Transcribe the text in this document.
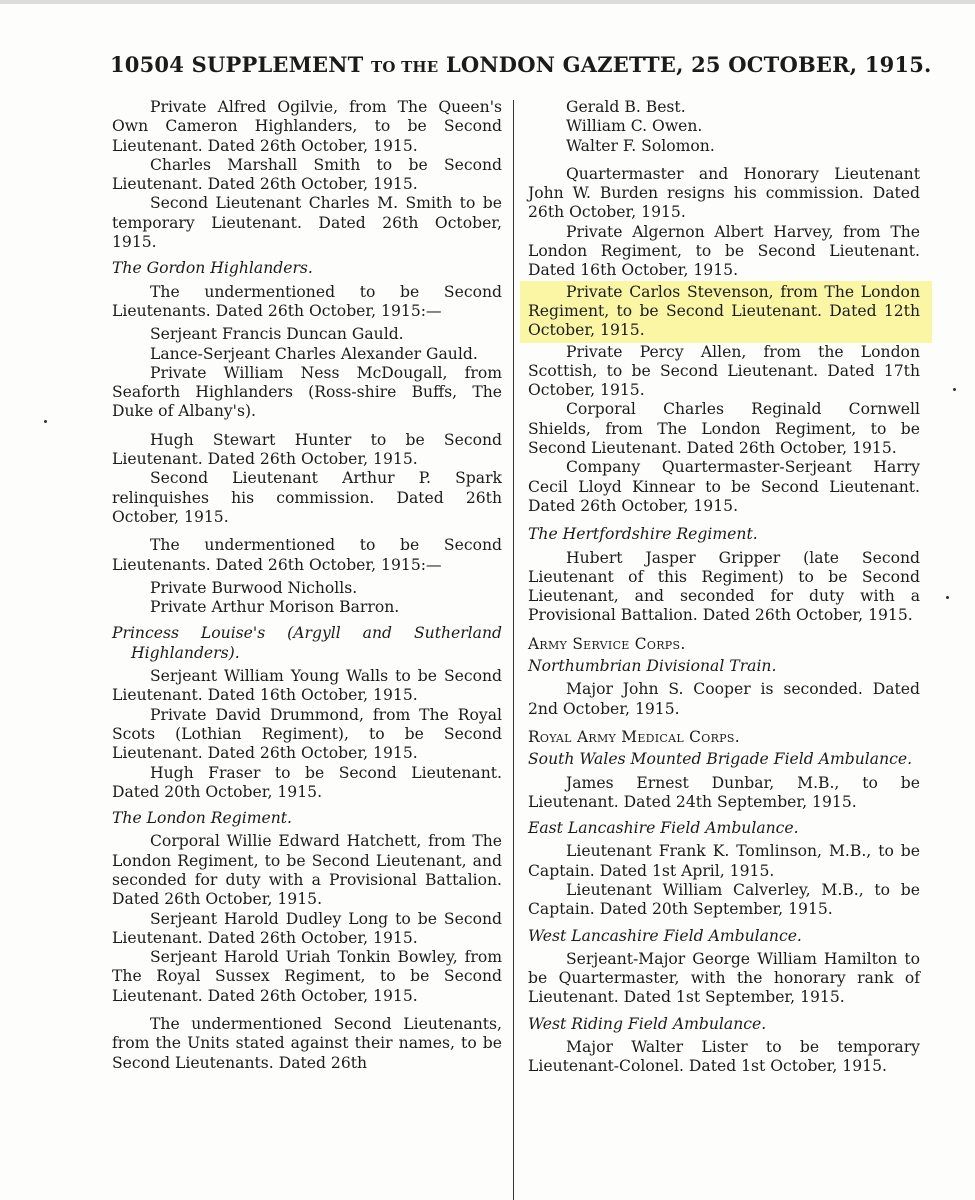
10504 SUPPLEMENT TO THE LONDON GAZETTE, 25 OCTOBER, 1915.

Private Alfred Ogilvie, from The Queen's Own Cameron Highlanders, to be Second Lieutenant. Dated 26th October, 1915.

Charles Marshall Smith to be Second Lieutenant. Dated 26th October, 1915.

Second Lieutenant Charles M. Smith to be temporary Lieutenant. Dated 26th October, 1915.

The Gordon Highlanders.

The undermentioned to be Second Lieutenants. Dated 26th October, 1915:—

Serjeant Francis Duncan Gauld.

Lance-Serjeant Charles Alexander Gauld.

Private William Ness McDougall, from Seaforth Highlanders (Ross-shire Buffs, The Duke of Albany's).

Hugh Stewart Hunter to be Second Lieutenant. Dated 26th October, 1915.

Second Lieutenant Arthur P. Spark relinquishes his commission. Dated 26th October, 1915.

The undermentioned to be Second Lieutenants. Dated 26th October, 1915:—

Private Burwood Nicholls.

Private Arthur Morison Barron.

Princess Louise's (Argyll and Sutherland Highlanders).

Serjeant William Young Walls to be Second Lieutenant. Dated 16th October, 1915.

Private David Drummond, from The Royal Scots (Lothian Regiment), to be Second Lieutenant. Dated 26th October, 1915.

Hugh Fraser to be Second Lieutenant. Dated 20th October, 1915.

The London Regiment.

Corporal Willie Edward Hatchett, from The London Regiment, to be Second Lieutenant, and seconded for duty with a Provisional Battalion. Dated 26th October, 1915.

Serjeant Harold Dudley Long to be Second Lieutenant. Dated 26th October, 1915.

Serjeant Harold Uriah Tonkin Bowley, from The Royal Sussex Regiment, to be Second Lieutenant. Dated 26th October, 1915.

The undermentioned Second Lieutenants, from the Units stated against their names, to be Second Lieutenants. Dated 26th

Gerald B. Best.

William C. Owen.

Walter F. Solomon.

Quartermaster and Honorary Lieutenant John W. Burden resigns his commission. Dated 26th October, 1915.

Private Algernon Albert Harvey, from The London Regiment, to be Second Lieutenant. Dated 16th October, 1915.

Private Carlos Stevenson, from The London Regiment, to be Second Lieutenant. Dated 12th October, 1915.

Private Percy Allen, from the London Scottish, to be Second Lieutenant. Dated 17th October, 1915.

Corporal Charles Reginald Cornwell Shields, from The London Regiment, to be Second Lieutenant. Dated 26th October, 1915.

Company Quartermaster-Serjeant Harry Cecil Lloyd Kinnear to be Second Lieutenant. Dated 26th October, 1915.

The Hertfordshire Regiment.

Hubert Jasper Gripper (late Second Lieutenant of this Regiment) to be Second Lieutenant, and seconded for duty with a Provisional Battalion. Dated 26th October, 1915.

Army Service Corps.

Northumbrian Divisional Train.

Major John S. Cooper is seconded. Dated 2nd October, 1915.

Royal Army Medical Corps.

South Wales Mounted Brigade Field Ambulance.

James Ernest Dunbar, M.B., to be Lieutenant. Dated 24th September, 1915.

East Lancashire Field Ambulance.

Lieutenant Frank K. Tomlinson, M.B., to be Captain. Dated 1st April, 1915.

Lieutenant William Calverley, M.B., to be Captain. Dated 20th September, 1915.

West Lancashire Field Ambulance.

Serjeant-Major George William Hamilton to be Quartermaster, with the honorary rank of Lieutenant. Dated 1st September, 1915.

West Riding Field Ambulance.

Major Walter Lister to be temporary Lieutenant-Colonel. Dated 1st October, 1915.
